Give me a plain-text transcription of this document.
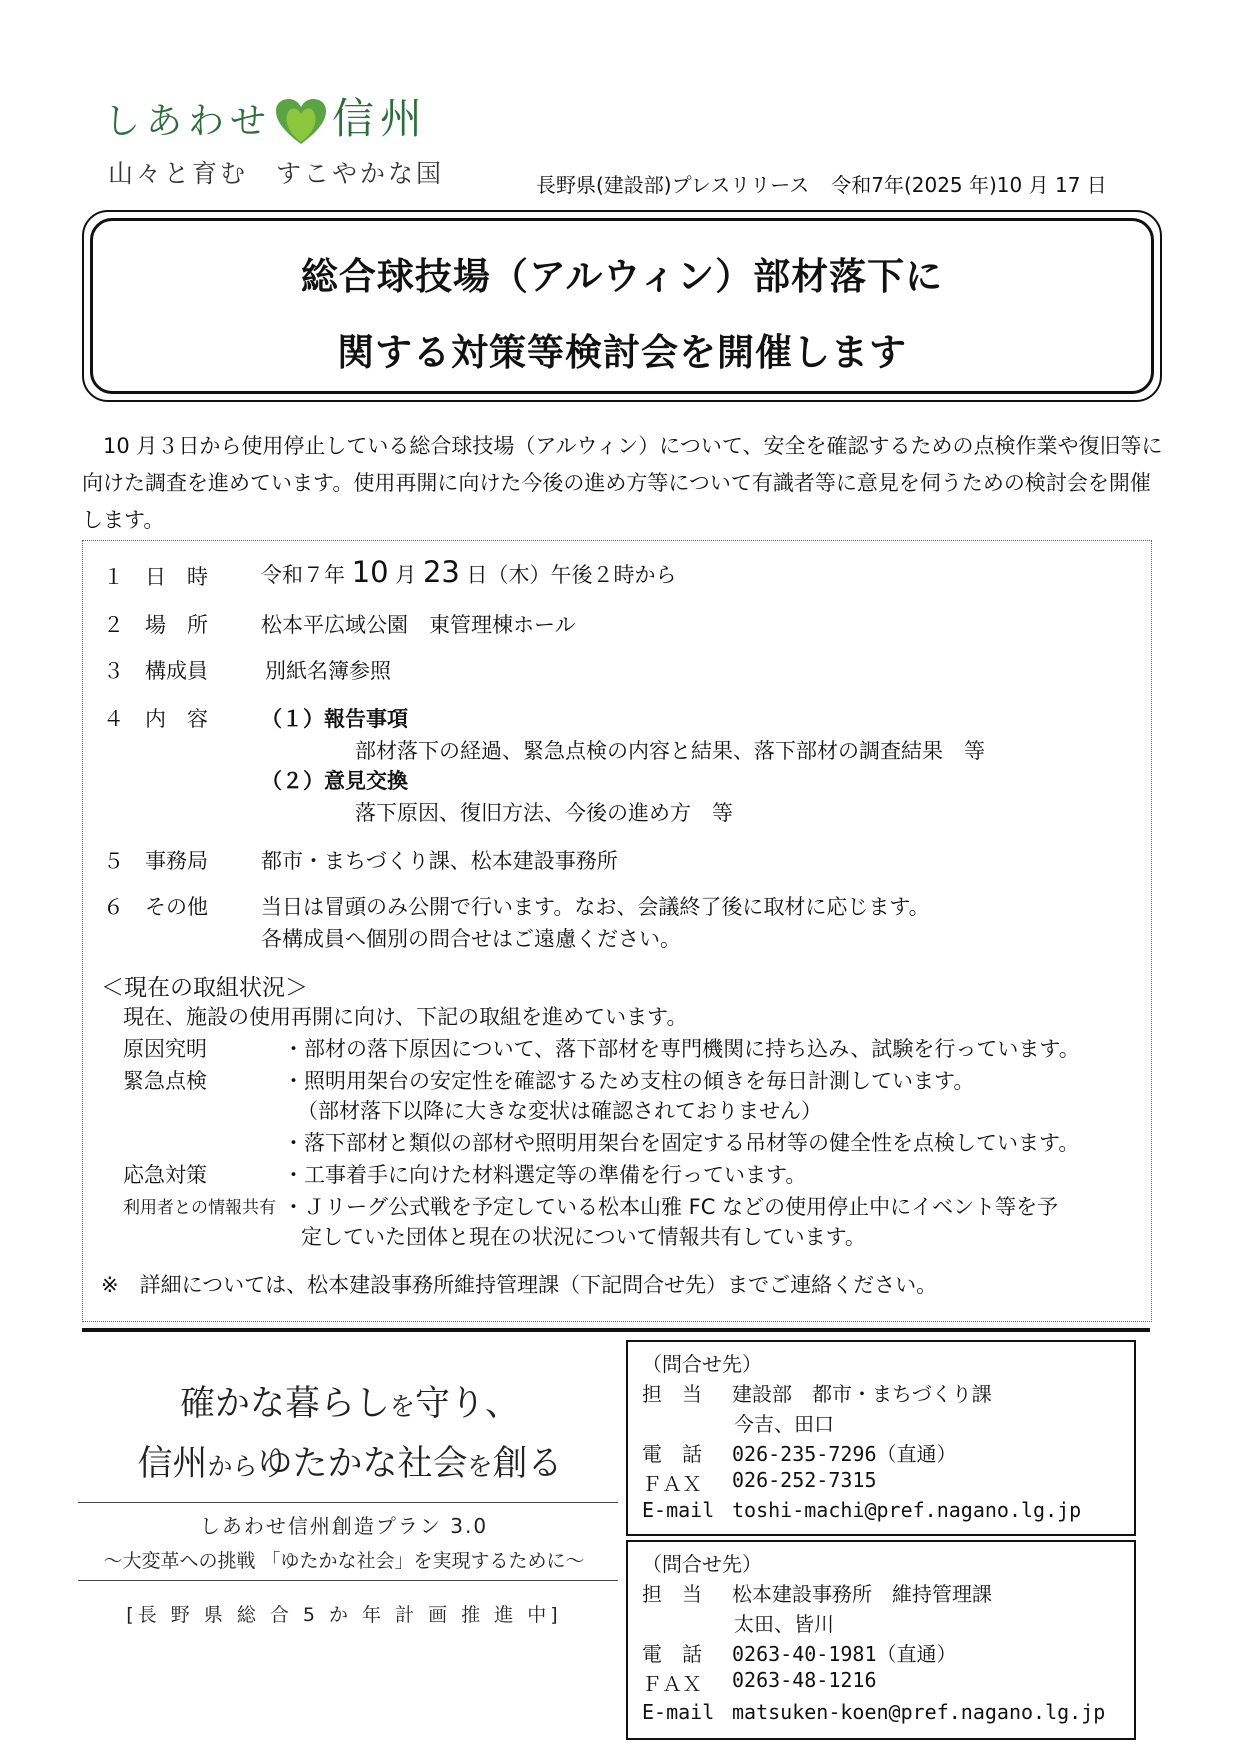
しあわせ 信州
山々と育む　すこやかな国	長野県(建設部)プレスリリース 令和7年(2025 年)10 月 17 日
総合球技場（アルウィン）部材落下に
関する対策等検討会を開催します
10 月３日から使用停止している総合球技場（アルウィン）について、安全を確認するための点検作業や復旧等に向けた調査を進めています。使用再開に向けた今後の進め方等について有識者等に意見を伺うための検討会を開催します。
１　日　時	令和７年 10 月 23 日（木）午後２時から
２　場　所	松本平広域公園　東管理棟ホール
３　構成員	別紙名簿参照
４　内　容	（１）報告事項
部材落下の経過、緊急点検の内容と結果、落下部材の調査結果　等
（２）意見交換
落下原因、復旧方法、今後の進め方　等
５　事務局	都市・まちづくり課、松本建設事務所
６　その他	当日は冒頭のみ公開で行います。なお、会議終了後に取材に応じます。
各構成員へ個別の問合せはご遠慮ください。
＜現在の取組状況＞
現在、施設の使用再開に向け、下記の取組を進めています。
原因究明	・部材の落下原因について、落下部材を専門機関に持ち込み、試験を行っています。
緊急点検	・照明用架台の安定性を確認するため支柱の傾きを毎日計測しています。
（部材落下以降に大きな変状は確認されておりません）
・落下部材と類似の部材や照明用架台を固定する吊材等の健全性を点検しています。
応急対策	・工事着手に向けた材料選定等の準備を行っています。
利用者との情報共有 ・Ｊリーグ公式戦を予定している松本山雅 FC などの使用停止中にイベント等を予
定していた団体と現在の状況について情報共有しています。
※　詳細については、松本建設事務所維持管理課（下記問合せ先）までご連絡ください。
確かな暮らしを守り、
信州からゆたかな社会を創る
しあわせ信州創造プラン 3.0
～大変革への挑戦 「ゆたかな社会」を実現するために～
[長 野 県 総 合 5 か 年 計 画 推 進 中]
（問合せ先）
担　当 建設部　都市・まちづくり課
今吉、田口
電　話 026-235-7296（直通）
ＦＡＸ 026-252-7315
E-mail toshi-machi@pref.nagano.lg.jp
（問合せ先）
担　当 松本建設事務所　維持管理課
太田、皆川
電　話 0263-40-1981（直通）
ＦＡＸ 0263-48-1216
E-mail matsuken-koen@pref.nagano.lg.jp
